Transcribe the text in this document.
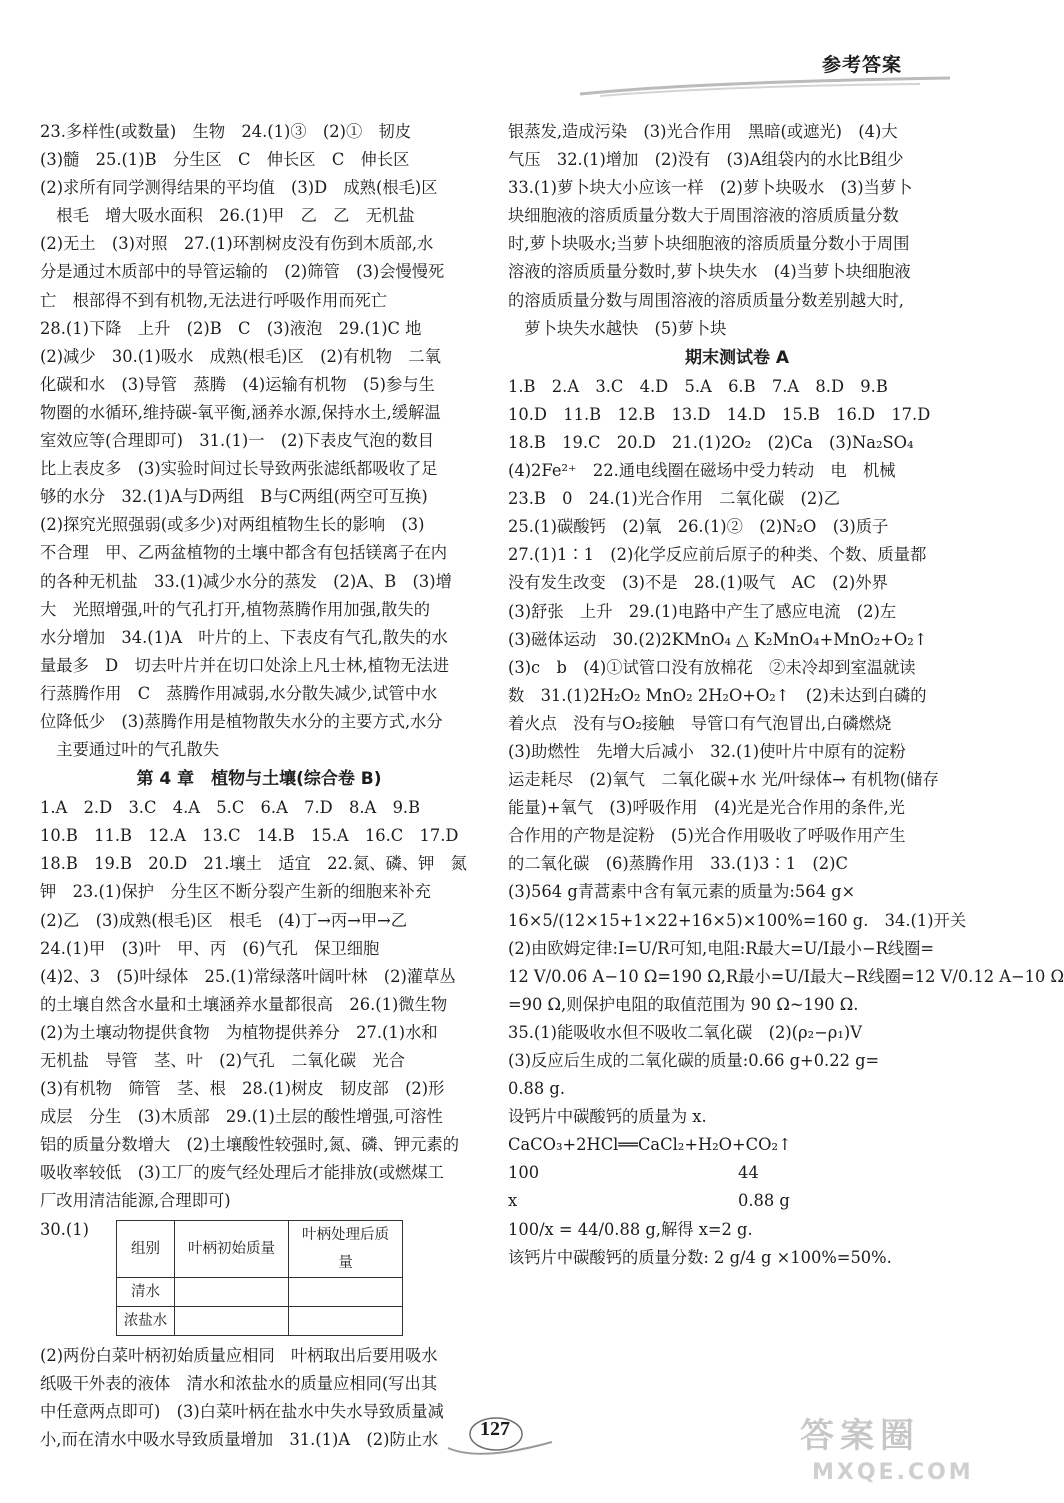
参考答案
23.多样性(或数量)　生物　24.(1)③　(2)①　韧皮
(3)髓　25.(1)B　分生区　C　伸长区　C　伸长区
(2)求所有同学测得结果的平均值　(3)D　成熟(根毛)区
　根毛　增大吸水面积　26.(1)甲　乙　乙　无机盐
(2)无土　(3)对照　27.(1)环割树皮没有伤到木质部,水
分是通过木质部中的导管运输的　(2)筛管　(3)会慢慢死
亡　根部得不到有机物,无法进行呼吸作用而死亡
28.(1)下降　上升　(2)B　C　(3)液泡　29.(1)C 地
(2)减少　30.(1)吸水　成熟(根毛)区　(2)有机物　二氧
化碳和水　(3)导管　蒸腾　(4)运输有机物　(5)参与生
物圈的水循环,维持碳-氧平衡,涵养水源,保持水土,缓解温
室效应等(合理即可)　31.(1)一　(2)下表皮气泡的数目
比上表皮多　(3)实验时间过长导致两张滤纸都吸收了足
够的水分　32.(1)A与D两组　B与C两组(两空可互换)
(2)探究光照强弱(或多少)对两组植物生长的影响　(3)
不合理　甲、乙两盆植物的土壤中都含有包括镁离子在内
的各种无机盐　33.(1)减少水分的蒸发　(2)A、B　(3)增
大　光照增强,叶的气孔打开,植物蒸腾作用加强,散失的
水分增加　34.(1)A　叶片的上、下表皮有气孔,散失的水
量最多　D　切去叶片并在切口处涂上凡士林,植物无法进
行蒸腾作用　C　蒸腾作用减弱,水分散失减少,试管中水
位降低少　(3)蒸腾作用是植物散失水分的主要方式,水分
　主要通过叶的气孔散失
第 4 章　植物与土壤(综合卷 B)
1.A　2.D　3.C　4.A　5.C　6.A　7.D　8.A　9.B
10.B　11.B　12.A　13.C　14.B　15.A　16.C　17.D
18.B　19.B　20.D　21.壤土　适宜　22.氮、磷、钾　氮
钾　23.(1)保护　分生区不断分裂产生新的细胞来补充
(2)乙　(3)成熟(根毛)区　根毛　(4)丁→丙→甲→乙
24.(1)甲　(3)叶　甲、丙　(6)气孔　保卫细胞
(4)2、3　(5)叶绿体　25.(1)常绿落叶阔叶林　(2)灌草丛
的土壤自然含水量和土壤涵养水量都很高　26.(1)微生物
(2)为土壤动物提供食物　为植物提供养分　27.(1)水和
无机盐　导管　茎、叶　(2)气孔　二氧化碳　光合
(3)有机物　筛管　茎、根　28.(1)树皮　韧皮部　(2)形
成层　分生　(3)木质部　29.(1)土层的酸性增强,可溶性
铝的质量分数增大　(2)土壤酸性较强时,氮、磷、钾元素的
吸收率较低　(3)工厂的废气经处理后才能排放(或燃煤工
厂改用清洁能源,合理即可)
30.(1)
组别	叶柄初始质量	叶柄处理后质量
清水		
浓盐水		
(2)两份白菜叶柄初始质量应相同　叶柄取出后要用吸水
纸吸干外表的液体　清水和浓盐水的质量应相同(写出其
中任意两点即可)　(3)白菜叶柄在盐水中失水导致质量减
小,而在清水中吸水导致质量增加　31.(1)A　(2)防止水
银蒸发,造成污染　(3)光合作用　黑暗(或遮光)　(4)大
气压　32.(1)增加　(2)没有　(3)A组袋内的水比B组少
33.(1)萝卜块大小应该一样　(2)萝卜块吸水　(3)当萝卜
块细胞液的溶质质量分数大于周围溶液的溶质质量分数
时,萝卜块吸水;当萝卜块细胞液的溶质质量分数小于周围
溶液的溶质质量分数时,萝卜块失水　(4)当萝卜块细胞液
的溶质质量分数与周围溶液的溶质质量分数差别越大时,
　萝卜块失水越快　(5)萝卜块
期末测试卷 A
1.B　2.A　3.C　4.D　5.A　6.B　7.A　8.D　9.B
10.D　11.B　12.B　13.D　14.D　15.B　16.D　17.D
18.B　19.C　20.D　21.(1)2O₂　(2)Ca　(3)Na₂SO₄
(4)2Fe²⁺　22.通电线圈在磁场中受力转动　电　机械
23.B　0　24.(1)光合作用　二氧化碳　(2)乙
25.(1)碳酸钙　(2)氧　26.(1)②　(2)N₂O　(3)质子
27.(1)1∶1　(2)化学反应前后原子的种类、个数、质量都
没有发生改变　(3)不是　28.(1)吸气　AC　(2)外界
(3)舒张　上升　29.(1)电路中产生了感应电流　(2)左
(3)磁体运动　30.(2)2KMnO₄ △ K₂MnO₄+MnO₂+O₂↑
(3)c　b　(4)①试管口没有放棉花　②未冷却到室温就读
数　31.(1)2H₂O₂ MnO₂ 2H₂O+O₂↑　(2)未达到白磷的
着火点　没有与O₂接触　导管口有气泡冒出,白磷燃烧
(3)助燃性　先增大后减小　32.(1)使叶片中原有的淀粉
运走耗尽　(2)氧气　二氧化碳+水 光/叶绿体→ 有机物(储存
能量)+氧气　(3)呼吸作用　(4)光是光合作用的条件,光
合作用的产物是淀粉　(5)光合作用吸收了呼吸作用产生
的二氧化碳　(6)蒸腾作用　33.(1)3∶1　(2)C
(3)564 g青蒿素中含有氧元素的质量为:564 g×
16×5/(12×15+1×22+16×5)×100%=160 g.　34.(1)开关
(2)由欧姆定律:I=U/R可知,电阻:R最大=U/I最小−R线圈=
12 V/0.06 A−10 Ω=190 Ω,R最小=U/I最大−R线圈=12 V/0.12 A−10 Ω
=90 Ω,则保护电阻的取值范围为 90 Ω~190 Ω.
35.(1)能吸收水但不吸收二氧化碳　(2)(ρ₂−ρ₁)V
(3)反应后生成的二氧化碳的质量:0.66 g+0.22 g=
0.88 g.
设钙片中碳酸钙的质量为 x.
CaCO₃+2HCl══CaCl₂+H₂O+CO₂↑
100	44
x	0.88 g
100/x = 44/0.88 g,解得 x=2 g.
该钙片中碳酸钙的质量分数: 2 g/4 g ×100%=50%.
127	答案圈
MXQE.COM
